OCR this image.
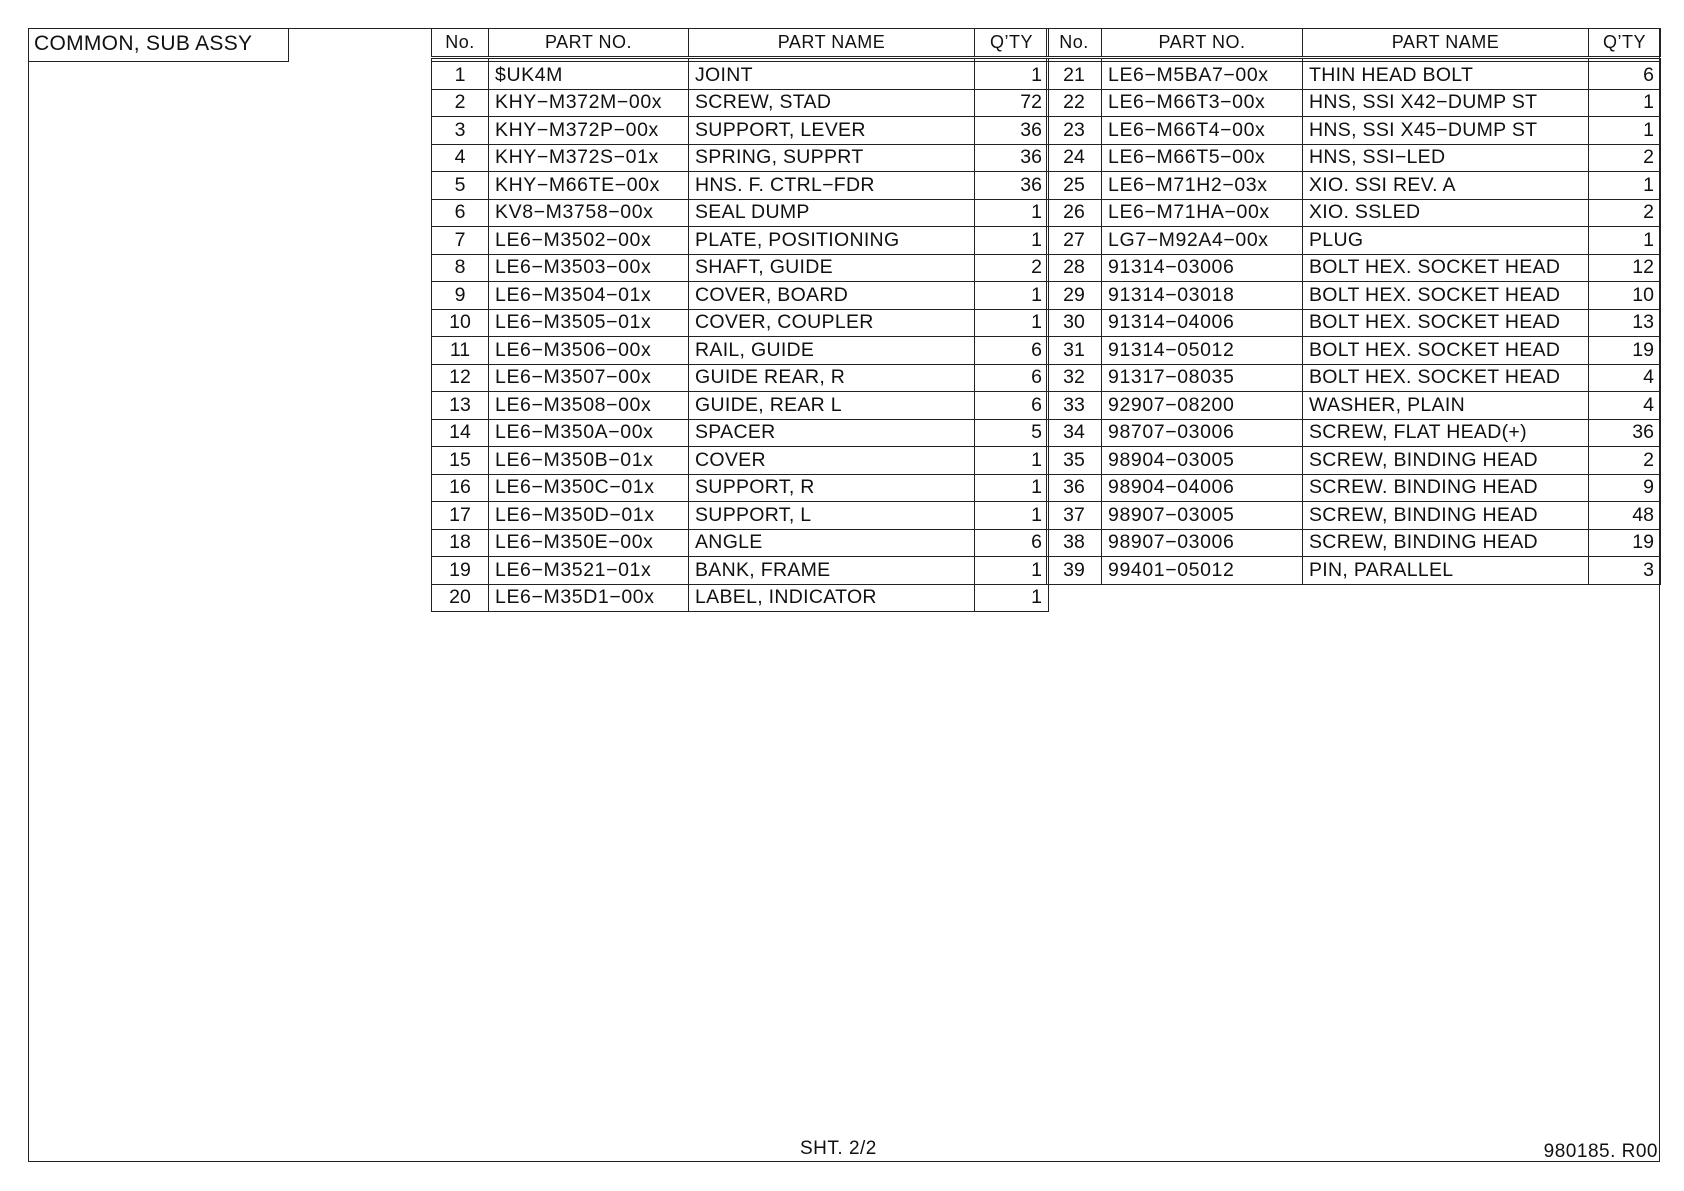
COMMON, SUB ASSY	No.	PART NO.	PART NAME	Q’TY

1	$UK4M	JOINT	1
2	KHY−M372M−00x	SCREW, STAD	72
3	KHY−M372P−00x	SUPPORT, LEVER	36
4	KHY−M372S−01x	SPRING, SUPPRT	36
5	KHY−M66TE−00x	HNS. F. CTRL−FDR	36
6	KV8−M3758−00x	SEAL DUMP	1
7	LE6−M3502−00x	PLATE, POSITIONING	1
8	LE6−M3503−00x	SHAFT, GUIDE	2
9	LE6−M3504−01x	COVER, BOARD	1
10	LE6−M3505−01x	COVER, COUPLER	1
11	LE6−M3506−00x	RAIL, GUIDE	6
12	LE6−M3507−00x	GUIDE REAR, R	6
13	LE6−M3508−00x	GUIDE, REAR L	6
14	LE6−M350A−00x	SPACER	5
15	LE6−M350B−01x	COVER	1
16	LE6−M350C−01x	SUPPORT, R	1
17	LE6−M350D−01x	SUPPORT, L	1
18	LE6−M350E−00x	ANGLE	6
19	LE6−M3521−01x	BANK, FRAME	1
20	LE6−M35D1−00x	LABEL, INDICATOR	1
No.	PART NO.	PART NAME	Q’TY

21	LE6−M5BA7−00x	THIN HEAD BOLT	6
22	LE6−M66T3−00x	HNS, SSI X42−DUMP ST	1
23	LE6−M66T4−00x	HNS, SSI X45−DUMP ST	1
24	LE6−M66T5−00x	HNS, SSI−LED	2
25	LE6−M71H2−03x	XIO. SSI REV. A	1
26	LE6−M71HA−00x	XIO. SSLED	2
27	LG7−M92A4−00x	PLUG	1
28	91314−03006	BOLT HEX. SOCKET HEAD	12
29	91314−03018	BOLT HEX. SOCKET HEAD	10
30	91314−04006	BOLT HEX. SOCKET HEAD	13
31	91314−05012	BOLT HEX. SOCKET HEAD	19
32	91317−08035	BOLT HEX. SOCKET HEAD	4
33	92907−08200	WASHER, PLAIN	4
34	98707−03006	SCREW, FLAT HEAD(+)	36
35	98904−03005	SCREW, BINDING HEAD	2
36	98904−04006	SCREW. BINDING HEAD	9
37	98907−03005	SCREW, BINDING HEAD	48
38	98907−03006	SCREW, BINDING HEAD	19
39	99401−05012	PIN, PARALLEL	3
SHT. 2/2	980185. R00
